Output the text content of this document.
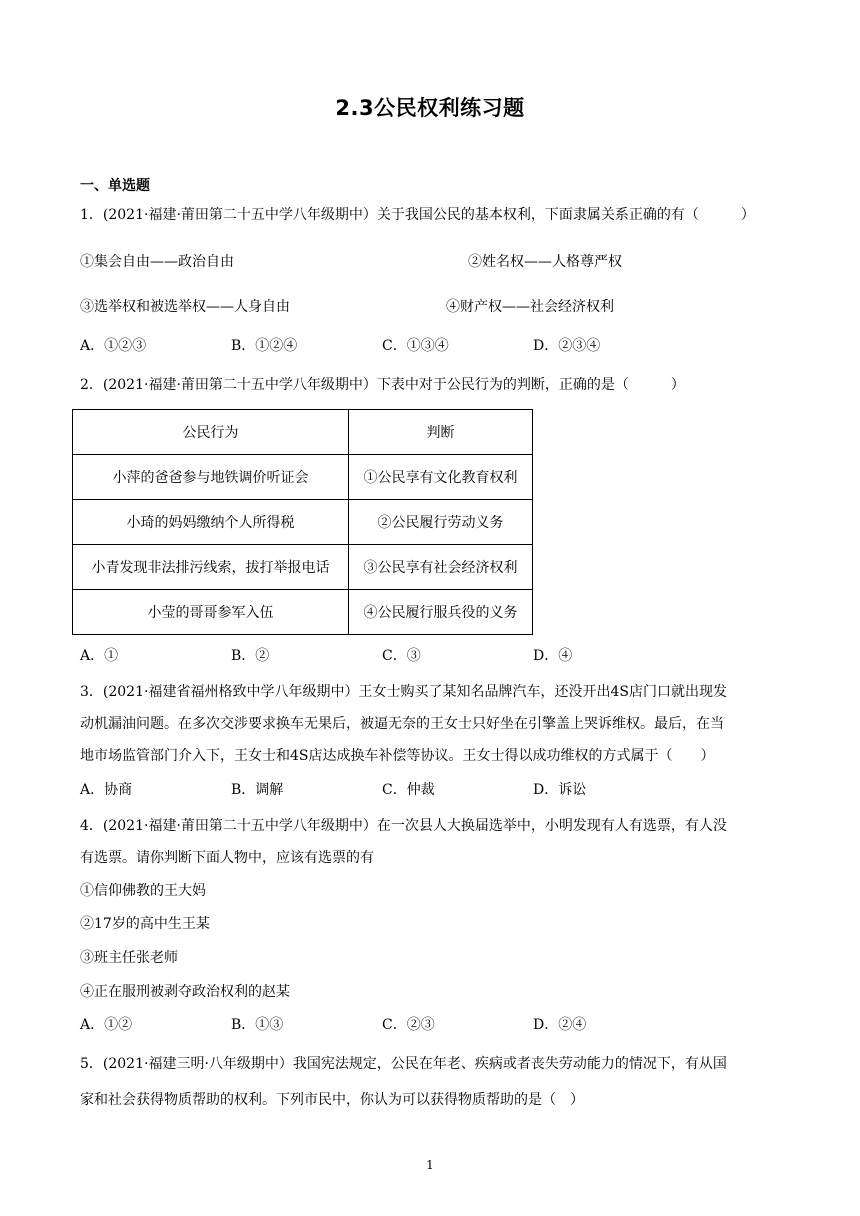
2.3公民权利练习题
一、单选题
1．(2021·福建·莆田第二十五中学八年级期中）关于我国公民的基本权利，下面隶属关系正确的有（　　　）
①集会自由——政治自由	②姓名权——人格尊严权
③选举权和被选举权——人身自由	④财产权——社会经济权利
A．①②③	B．①②④	C．①③④	D．②③④
2．(2021·福建·莆田第二十五中学八年级期中）下表中对于公民行为的判断，正确的是（　　　）
公民行为	判断
小萍的爸爸参与地铁调价听证会	①公民享有文化教育权利
小琦的妈妈缴纳个人所得税	②公民履行劳动义务
小青发现非法排污线索，拔打举报电话	③公民享有社会经济权利
小莹的哥哥参军入伍	④公民履行服兵役的义务
A．①	B．②	C．③	D．④
3．(2021·福建省福州格致中学八年级期中）王女士购买了某知名品牌汽车，还没开出4S店门口就出现发
动机漏油问题。在多次交涉要求换车无果后，被逼无奈的王女士只好坐在引擎盖上哭诉维权。最后，在当
地市场监管部门介入下，王女士和4S店达成换车补偿等协议。王女士得以成功维权的方式属于（　　）
A．协商	B．调解	C．仲裁	D．诉讼
4．(2021·福建·莆田第二十五中学八年级期中）在一次县人大换届选举中，小明发现有人有选票，有人没
有选票。请你判断下面人物中，应该有选票的有
①信仰佛教的王大妈
②17岁的高中生王某
③班主任张老师
④正在服刑被剥夺政治权利的赵某
A．①②	B．①③	C．②③	D．②④
5．(2021·福建三明·八年级期中）我国宪法规定，公民在年老、疾病或者丧失劳动能力的情况下，有从国
家和社会获得物质帮助的权利。下列市民中，你认为可以获得物质帮助的是（　）
1
